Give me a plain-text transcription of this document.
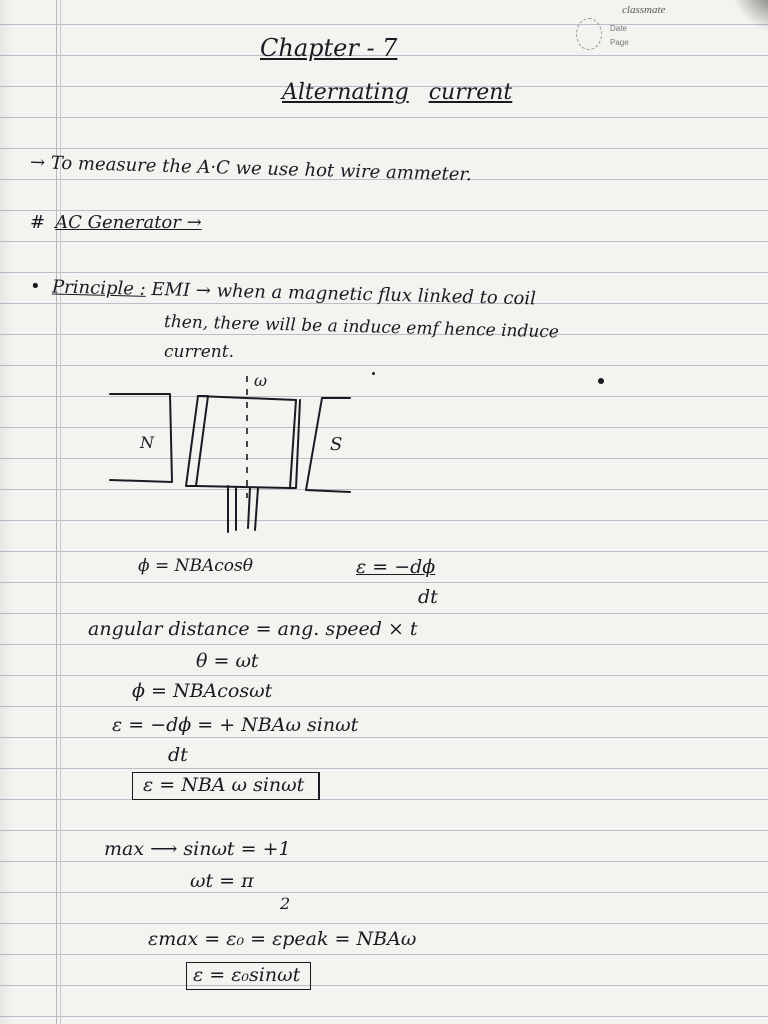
classmate
Date
Page
Chapter - 7
Alternating current
→ To measure the A·C we use hot wire ammeter.
# AC Generator →
• Principle : EMI → when a magnetic flux linked to coil
then, there will be a induce emf hence induce
current.
N	S
ω
ϕ = NBAcosθ	ε = −dϕ
dt
angular distance = ang. speed × t
θ = ωt
ϕ = NBAcosωt
ε = −dϕ = + NBAω sinωt
dt
ε = NBA ω sinωt
max ⟶ sinωt = +1
ωt = π
2
εmax = ε₀ = εpeak = NBAω
ε = ε₀sinωt
